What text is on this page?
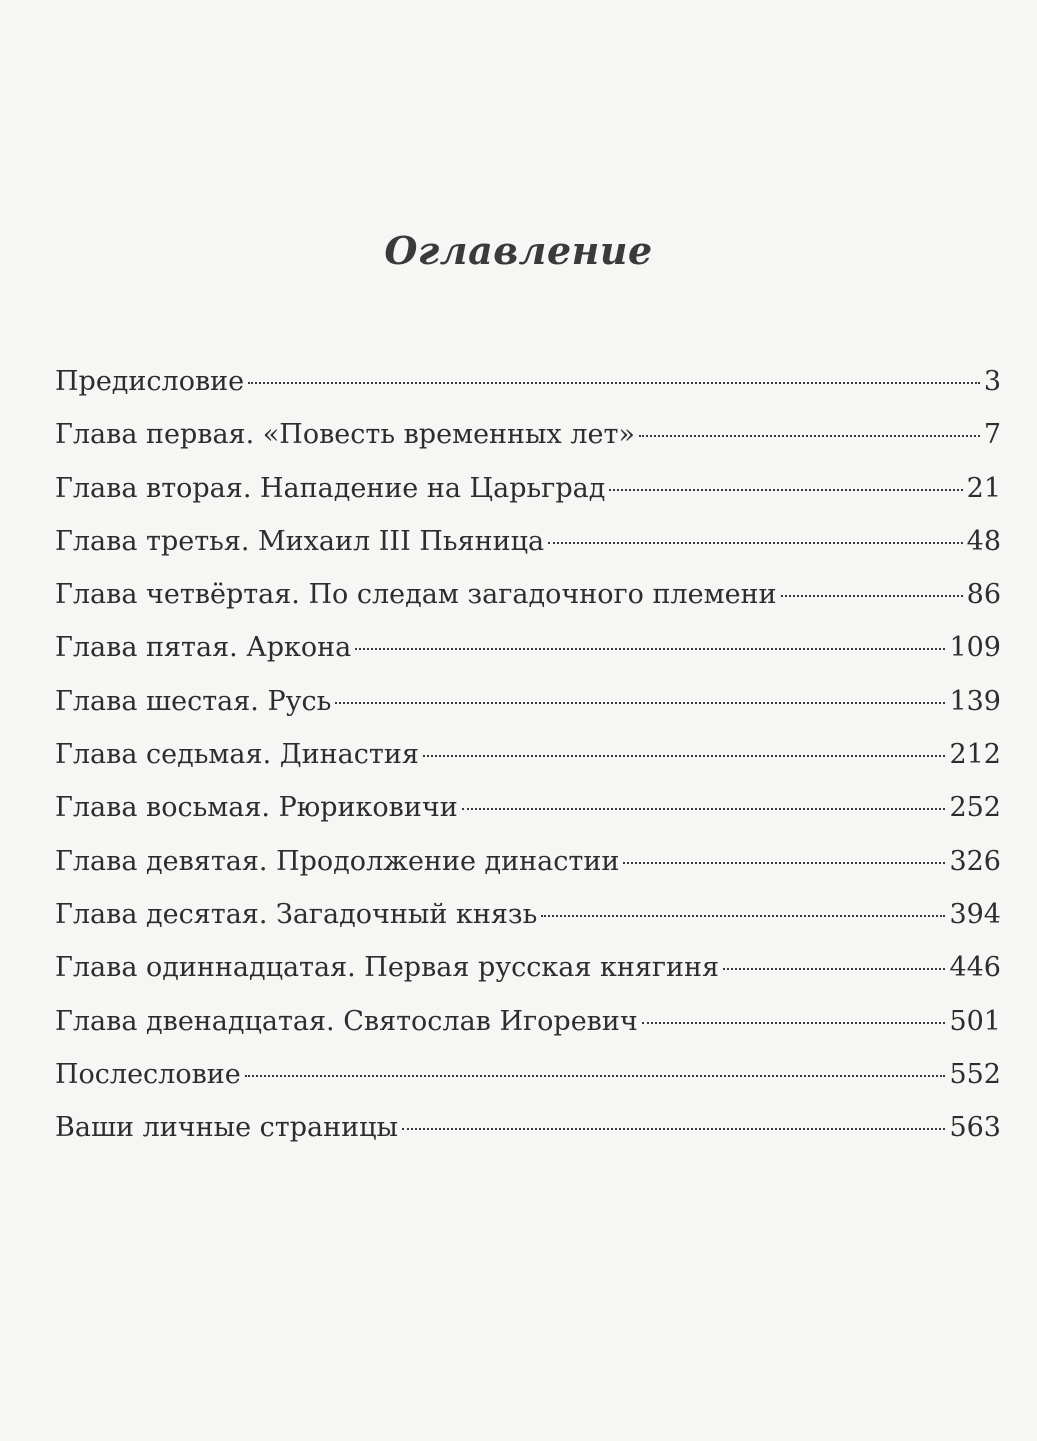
Оглавление
Предисловие	3
Глава первая. «Повесть временных лет»	7
Глава вторая. Нападение на Царьград	21
Глава третья. Михаил III Пьяница	48
Глава четвёртая. По следам загадочного племени	86
Глава пятая. Аркона	109
Глава шестая. Русь	139
Глава седьмая. Династия	212
Глава восьмая. Рюриковичи	252
Глава девятая. Продолжение династии	326
Глава десятая. Загадочный князь	394
Глава одиннадцатая. Первая русская княгиня	446
Глава двенадцатая. Святослав Игоревич	501
Послесловие	552
Ваши личные страницы	563
